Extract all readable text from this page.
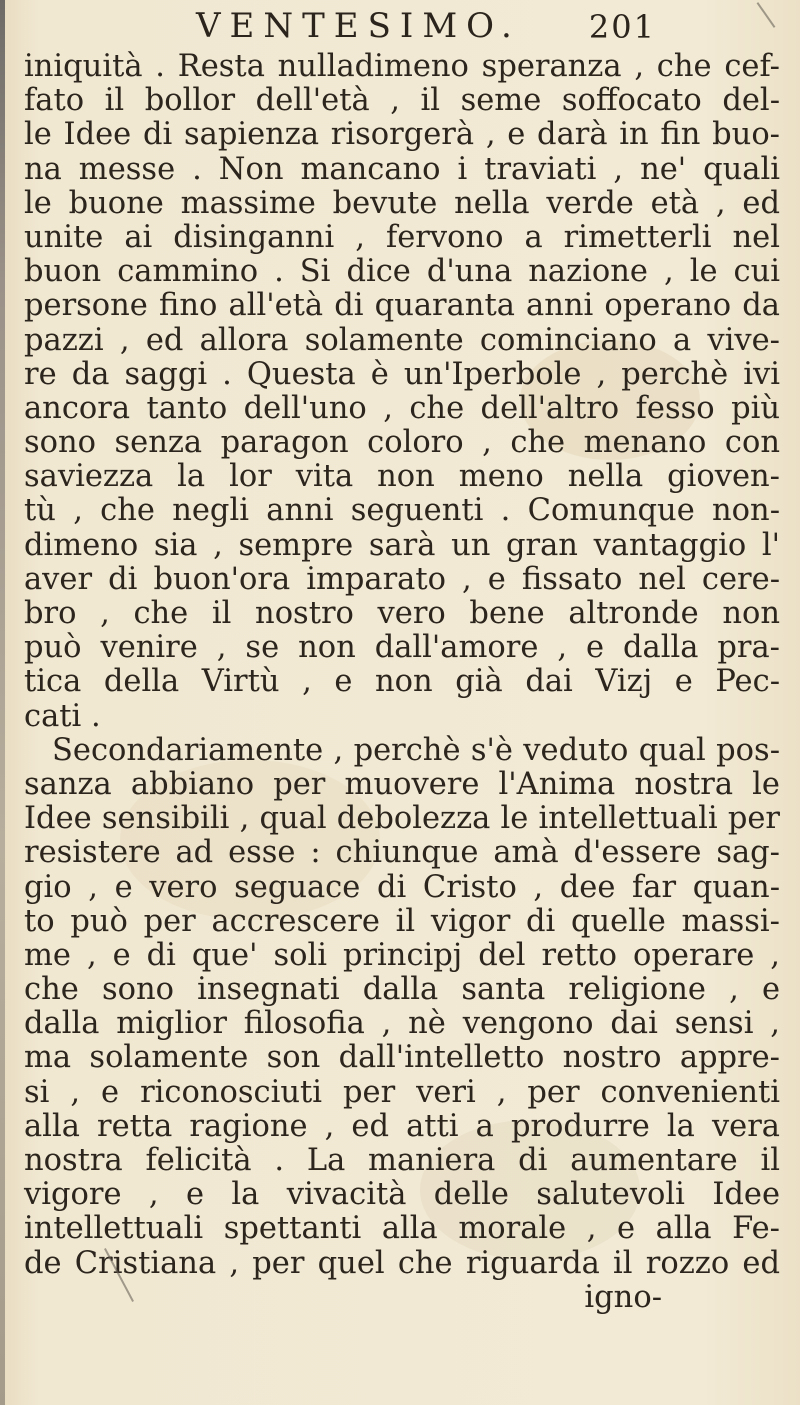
VENTESIMO. 201
iniquità . Resta nulladimeno speranza , che cef-
fato il bollor dell'età , il seme soffocato del-
le Idee di sapienza risorgerà , e darà in fin buo-
na messe . Non mancano i traviati , ne' quali
le buone massime bevute nella verde età , ed
unite ai disinganni , fervono a rimetterli nel
buon cammino . Si dice d'una nazione , le cui
persone fino all'età di quaranta anni operano da
pazzi , ed allora solamente cominciano a vive-
re da saggi . Questa è un'Iperbole , perchè ivi
ancora tanto dell'uno , che dell'altro fesso più
sono senza paragon coloro , che menano con
saviezza la lor vita non meno nella gioven-
tù , che negli anni seguenti . Comunque non-
dimeno sia , sempre sarà un gran vantaggio l'
aver di buon'ora imparato , e fissato nel cere-
bro , che il nostro vero bene altronde non
può venire , se non dall'amore , e dalla pra-
tica della Virtù , e non già dai Vizj e Pec-
cati .
Secondariamente , perchè s'è veduto qual pos-
sanza abbiano per muovere l'Anima nostra le
Idee sensibili , qual debolezza le intellettuali per
resistere ad esse : chiunque amà d'essere sag-
gio , e vero seguace di Cristo , dee far quan-
to può per accrescere il vigor di quelle massi-
me , e di que' soli principj del retto operare ,
che sono insegnati dalla santa religione , e
dalla miglior filosofia , nè vengono dai sensi ,
ma solamente son dall'intelletto nostro appre-
si , e riconosciuti per veri , per convenienti
alla retta ragione , ed atti a produrre la vera
nostra felicità . La maniera di aumentare il
vigore , e la vivacità delle salutevoli Idee
intellettuali spettanti alla morale , e alla Fe-
de Cristiana , per quel che riguarda il rozzo ed
igno-
